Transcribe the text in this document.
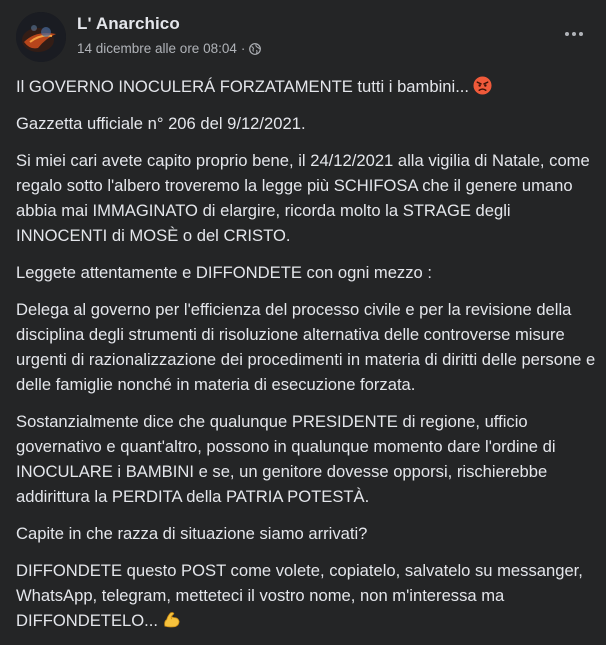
L' Anarchico
14 dicembre alle ore 08:04 ·

Il GOVERNO INOCULERÁ FORZATAMENTE tutti i bambini...

Gazzetta ufficiale n° 206 del 9/12/2021.

Si miei cari avete capito proprio bene, il 24/12/2021 alla vigilia di Natale, come regalo sotto l'albero troveremo la legge più SCHIFOSA che il genere umano abbia mai IMMAGINATO di elargire, ricorda molto la STRAGE degli INNOCENTI di MOSÈ o del CRISTO.

Leggete attentamente e DIFFONDETE con ogni mezzo :

Delega al governo per l'efficienza del processo civile e per la revisione della disciplina degli strumenti di risoluzione alternativa delle controverse misure urgenti di razionalizzazione dei procedimenti in materia di diritti delle persone e delle famiglie nonché in materia di esecuzione forzata.

Sostanzialmente dice che qualunque PRESIDENTE di regione, ufficio governativo e quant'altro, possono in qualunque momento dare l'ordine di INOCULARE i BAMBINI e se, un genitore dovesse opporsi, rischierebbe addirittura la PERDITA della PATRIA POTESTÀ.

Capite in che razza di situazione siamo arrivati?

DIFFONDETE questo POST come volete, copiatelo, salvatelo su messanger, WhatsApp, telegram, metteteci il vostro nome, non m'interessa ma DIFFONDETELO...
